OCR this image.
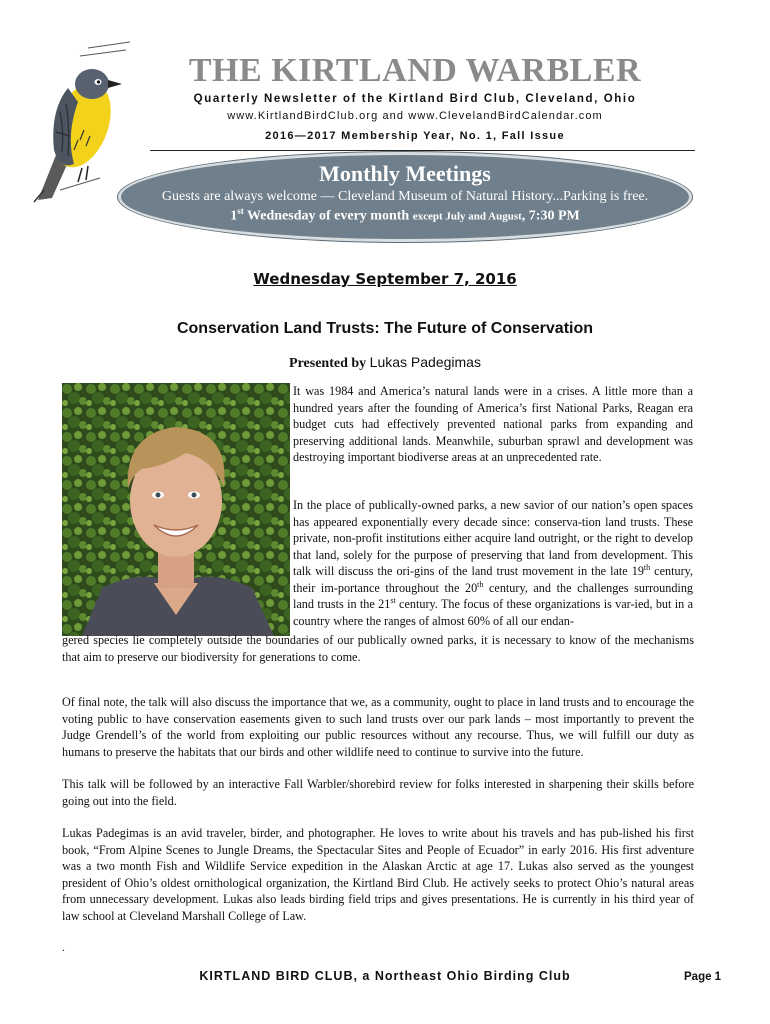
THE KIRTLAND WARBLER
Quarterly Newsletter of the Kirtland Bird Club, Cleveland, Ohio
www.KirtlandBirdClub.org and www.ClevelandBirdCalendar.com
2016—2017 Membership Year, No. 1, Fall Issue
Monthly Meetings
Guests are always welcome — Cleveland Museum of Natural History...Parking is free.
1st Wednesday of every month except July and August, 7:30 PM
Wednesday September 7, 2016
Conservation Land Trusts: The Future of Conservation
Presented by Lukas Padegimas

It was 1984 and America’s natural lands were in a crises. A little more than a hundred years after the founding of America’s first National Parks, Reagan era budget cuts had effectively prevented national parks from expanding and preserving additional lands. Meanwhile, suburban sprawl and development was destroying important biodiverse areas at an unprecedented rate.

In the place of publically-owned parks, a new savior of our nation’s open spaces has appeared exponentially every decade since: conserva-tion land trusts. These private, non-profit institutions either acquire land outright, or the right to develop that land, solely for the purpose of preserving that land from development. This talk will discuss the ori-gins of the land trust movement in the late 19th century, their im-portance throughout the 20th century, and the challenges surrounding land trusts in the 21st century. The focus of these organizations is var-ied, but in a country where the ranges of almost 60% of all our endan-

gered species lie completely outside the boundaries of our publically owned parks, it is necessary to know of the mechanisms that aim to preserve our biodiversity for generations to come.

Of final note, the talk will also discuss the importance that we, as a community, ought to place in land trusts and to encourage the voting public to have conservation easements given to such land trusts over our park lands – most importantly to prevent the Judge Grendell’s of the world from exploiting our public resources without any recourse. Thus, we will fulfill our duty as humans to preserve the habitats that our birds and other wildlife need to continue to survive into the future.

This talk will be followed by an interactive Fall Warbler/shorebird review for folks interested in sharpening their skills before going out into the field.

Lukas Padegimas is an avid traveler, birder, and photographer. He loves to write about his travels and has pub-lished his first book, “From Alpine Scenes to Jungle Dreams, the Spectacular Sites and People of Ecuador” in early 2016. His first adventure was a two month Fish and Wildlife Service expedition in the Alaskan Arctic at age 17. Lukas also served as the youngest president of Ohio’s oldest ornithological organization, the Kirtland Bird Club. He actively seeks to protect Ohio’s natural areas from unnecessary development. Lukas also leads birding field trips and gives presentations. He is currently in his third year of law school at Cleveland Marshall College of Law.

.
KIRTLAND BIRD CLUB, a Northeast Ohio Birding Club	Page 1
